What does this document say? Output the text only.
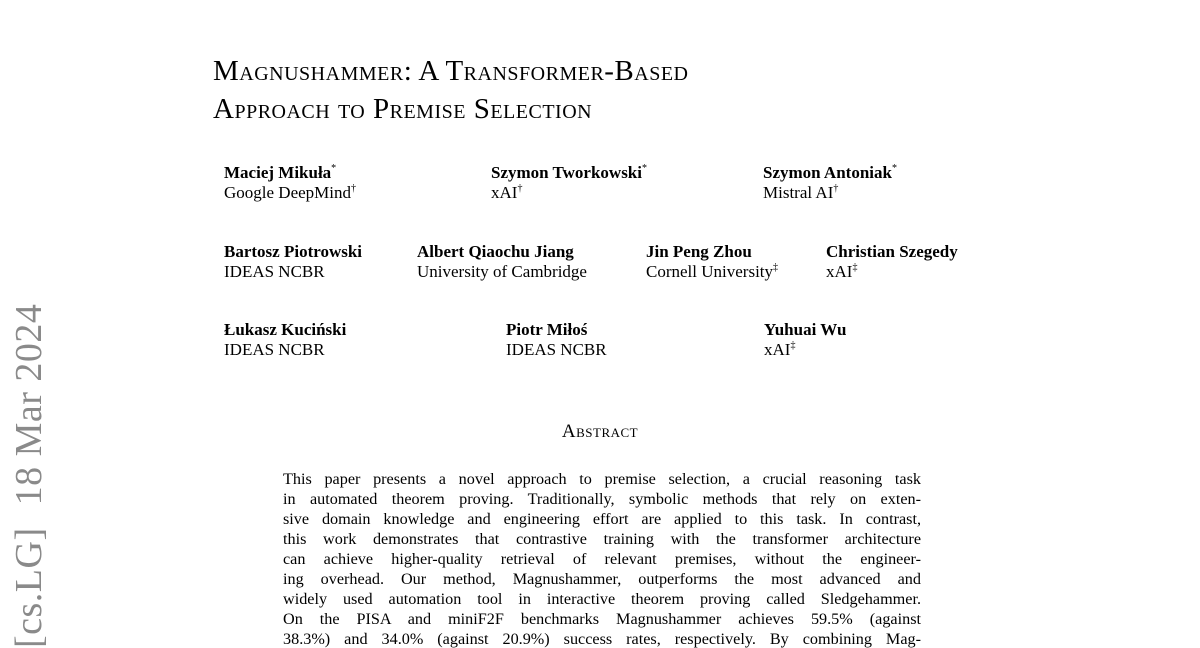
[cs.LG]18 Mar 2024
Magnushammer: A Transformer-Based
Approach to Premise Selection
Maciej Mikuła*
Google DeepMind†
Szymon Tworkowski*
xAI†
Szymon Antoniak*
Mistral AI†
Bartosz Piotrowski
IDEAS NCBR
Albert Qiaochu Jiang
University of Cambridge
Jin Peng Zhou
Cornell University‡
Christian Szegedy
xAI‡
Łukasz Kuciński
IDEAS NCBR
Piotr Miłoś
IDEAS NCBR
Yuhuai Wu
xAI‡
Abstract
This paper presents a novel approach to premise selection, a crucial reasoning task
in automated theorem proving. Traditionally, symbolic methods that rely on exten-
sive domain knowledge and engineering effort are applied to this task. In contrast,
this work demonstrates that contrastive training with the transformer architecture
can achieve higher-quality retrieval of relevant premises, without the engineer-
ing overhead. Our method, Magnushammer, outperforms the most advanced and
widely used automation tool in interactive theorem proving called Sledgehammer.
On the PISA and miniF2F benchmarks Magnushammer achieves 59.5% (against
38.3%) and 34.0% (against 20.9%) success rates, respectively. By combining Mag-
